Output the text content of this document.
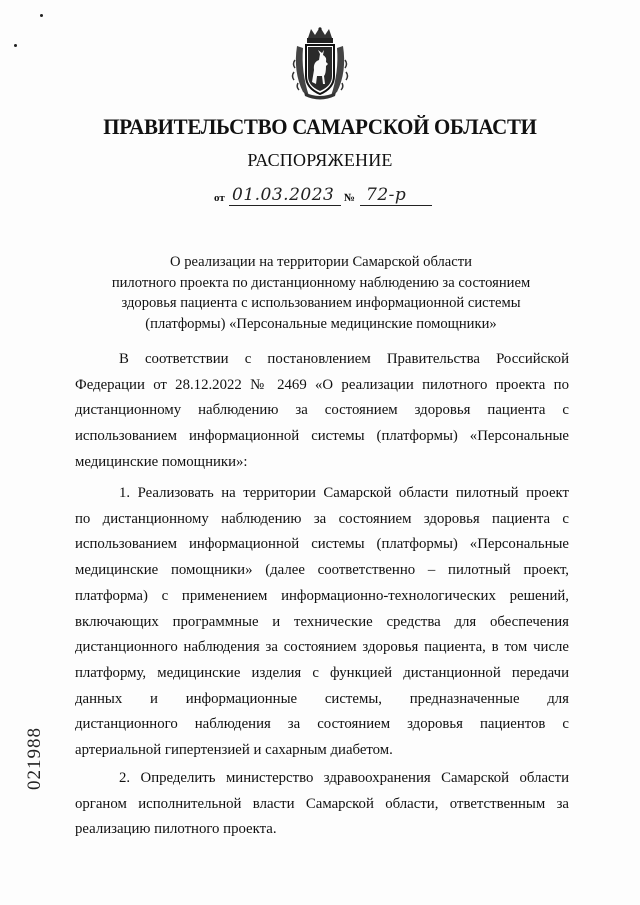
ПРАВИТЕЛЬСТВО САМАРСКОЙ ОБЛАСТИ
РАСПОРЯЖЕНИЕ
от 01.03.2023 № 72-р
О реализации на территории Самарской области
пилотного проекта по дистанционному наблюдению за состоянием
здоровья пациента с использованием информационной системы
(платформы) «Персональные медицинские помощники»
В соответствии с постановлением Правительства Российской
Федерации от 28.12.2022 № 2469 «О реализации пилотного проекта по
дистанционному наблюдению за состоянием здоровья пациента с
использованием информационной системы (платформы) «Персональные
медицинские помощники»:
1. Реализовать на территории Самарской области пилотный проект
по дистанционному наблюдению за состоянием здоровья пациента с
использованием информационной системы (платформы) «Персональные
медицинские помощники» (далее соответственно – пилотный проект,
платформа) с применением информационно-технологических решений,
включающих программные и технические средства для обеспечения
дистанционного наблюдения за состоянием здоровья пациента, в том числе
платформу, медицинские изделия с функцией дистанционной передачи
данных и информационные системы, предназначенные для
дистанционного наблюдения за состоянием здоровья пациентов с
артериальной гипертензией и сахарным диабетом.
2. Определить министерство здравоохранения Самарской области
органом исполнительной власти Самарской области, ответственным за
реализацию пилотного проекта.
021988
